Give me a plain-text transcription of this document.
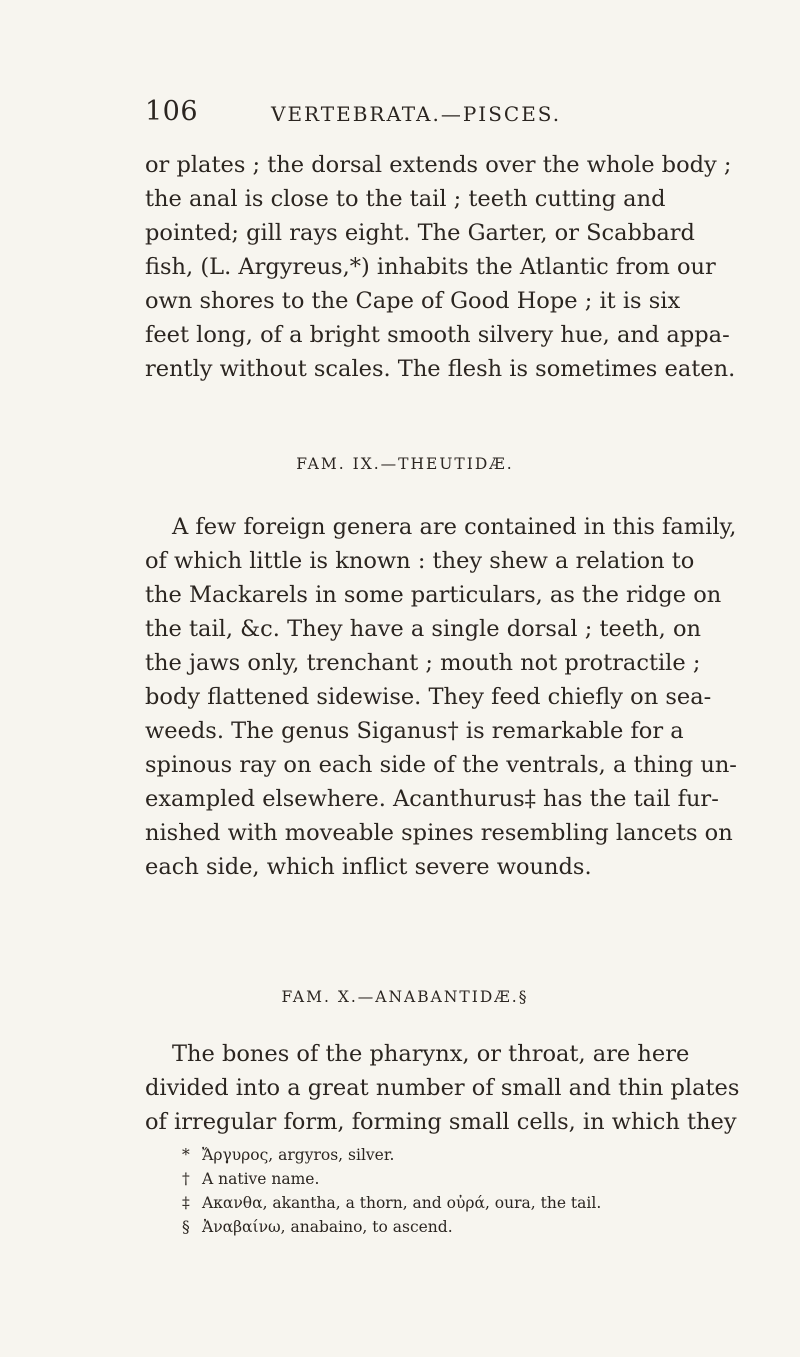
106	VERTEBRATA.—PISCES.
or plates ; the dorsal extends over the whole body ;
the anal is close to the tail ; teeth cutting and
pointed; gill rays eight. The Garter, or Scabbard
fish, (L. Argyreus,*) inhabits the Atlantic from our
own shores to the Cape of Good Hope ; it is six
feet long, of a bright smooth silvery hue, and appa-
rently without scales. The flesh is sometimes eaten.
FAM. IX.—THEUTIDÆ.
A few foreign genera are contained in this family,
of which little is known : they shew a relation to
the Mackarels in some particulars, as the ridge on
the tail, &c. They have a single dorsal ; teeth, on
the jaws only, trenchant ; mouth not protractile ;
body flattened sidewise. They feed chiefly on sea-
weeds. The genus Siganus† is remarkable for a
spinous ray on each side of the ventrals, a thing un-
exampled elsewhere. Acanthurus‡ has the tail fur-
nished with moveable spines resembling lancets on
each side, which inflict severe wounds.
FAM. X.—ANABANTIDÆ.§
The bones of the pharynx, or throat, are here
divided into a great number of small and thin plates
of irregular form, forming small cells, in which they
* Ἄργυρος, argyros, silver.
† A native name.
‡ Ακανθα, akantha, a thorn, and οὐρά, oura, the tail.
§ Ἀναβαίνω, anabaino, to ascend.
